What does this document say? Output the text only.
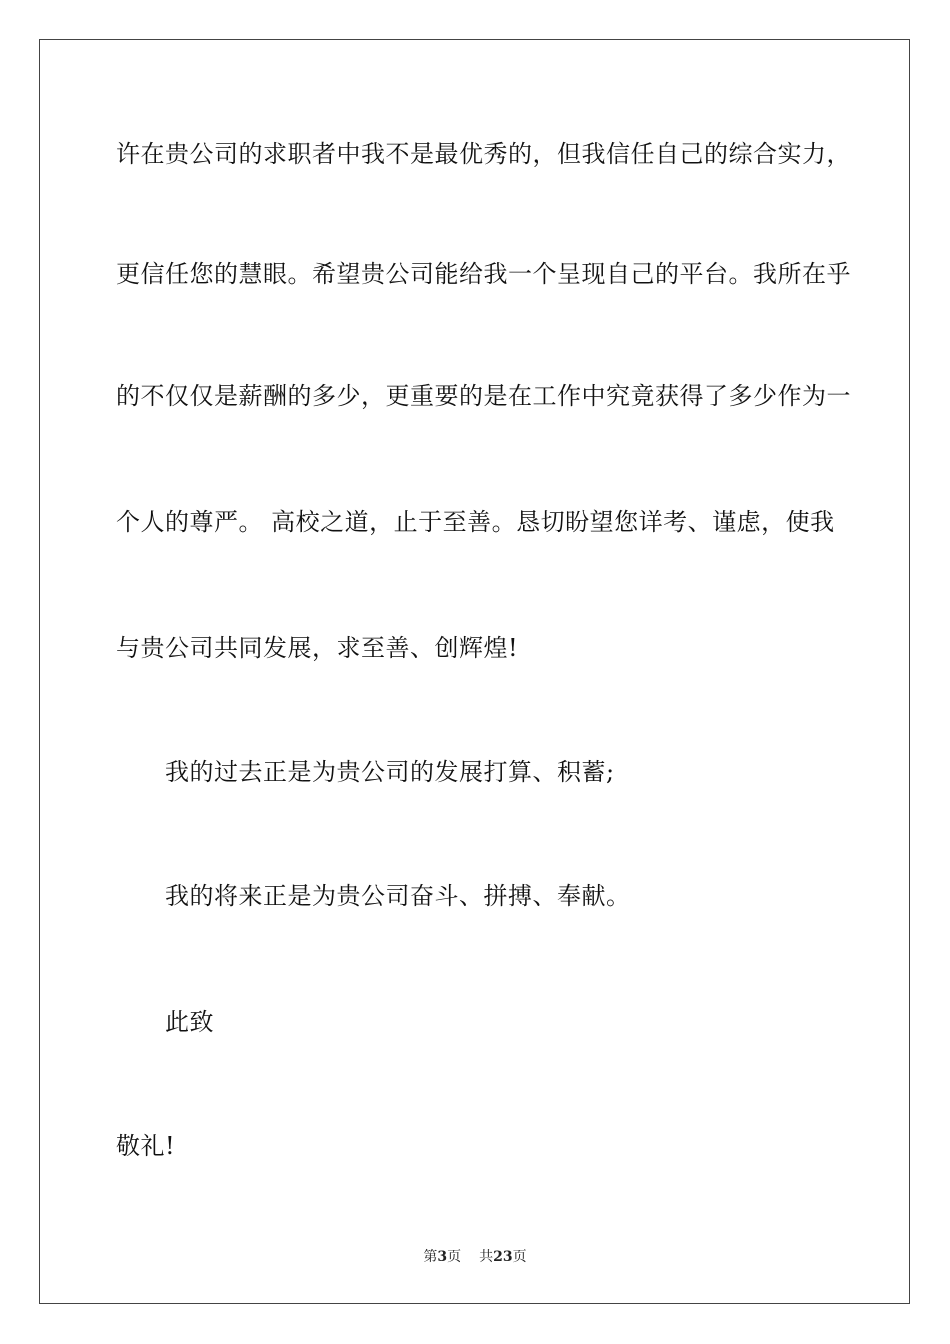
许在贵公司的求职者中我不是最优秀的，但我信任自己的综合实力，
更信任您的慧眼。希望贵公司能给我一个呈现自己的平台。我所在乎
的不仅仅是薪酬的多少，更重要的是在工作中究竟获得了多少作为一
个人的尊严。 高校之道，止于至善。恳切盼望您详考、谨虑，使我
与贵公司共同发展，求至善、创辉煌!
我的过去正是为贵公司的发展打算、积蓄;
我的将来正是为贵公司奋斗、拼搏、奉献。
此致
敬礼!
第3页 共23页
